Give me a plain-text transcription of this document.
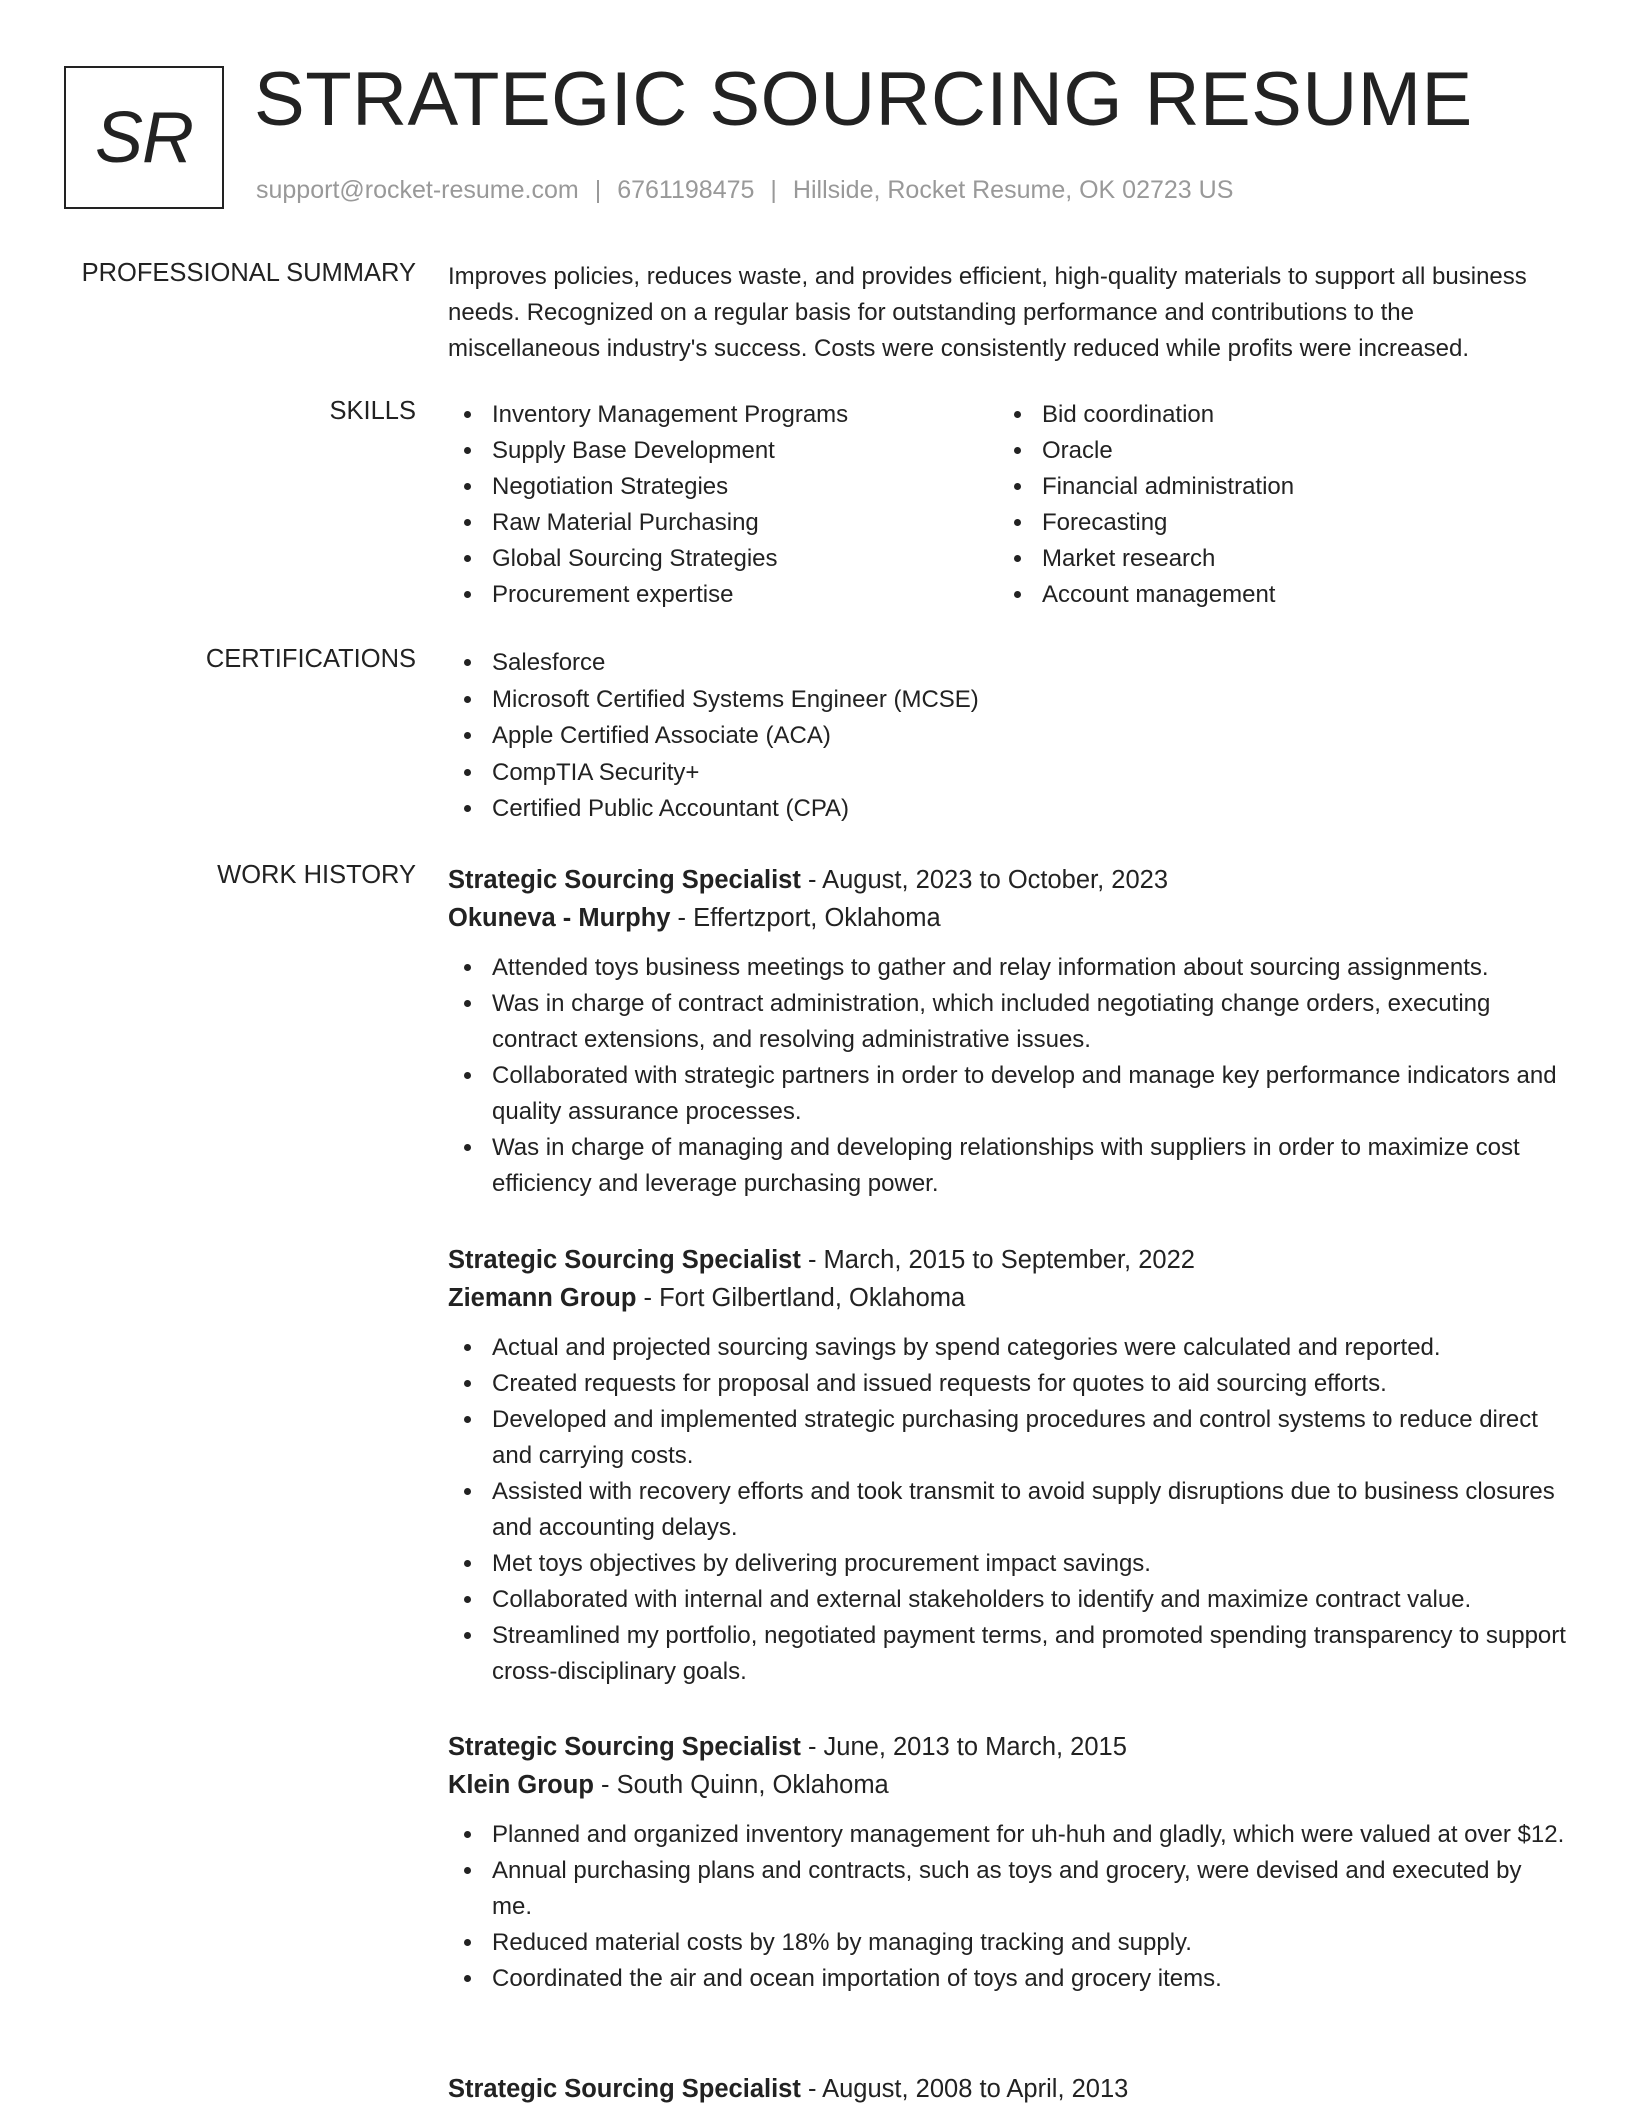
SR STRATEGIC SOURCING RESUME
support@rocket-resume.com | 6761198475 | Hillside, Rocket Resume, OK 02723 US
PROFESSIONAL SUMMARY Improves policies, reduces waste, and provides efficient, high-quality materials to support all business needs. Recognized on a regular basis for outstanding performance and contributions to the miscellaneous industry's success. Costs were consistently reduced while profits were increased.
SKILLS	Inventory Management Programs
Supply Base Development
Negotiation Strategies
Raw Material Purchasing
Global Sourcing Strategies
Procurement expertise
Bid coordination
Oracle
Financial administration
Forecasting
Market research
Account management
CERTIFICATIONS	Salesforce
Microsoft Certified Systems Engineer (MCSE)
Apple Certified Associate (ACA)
CompTIA Security+
Certified Public Accountant (CPA)
WORK HISTORY Strategic Sourcing Specialist - August, 2023 to October, 2023
Okuneva - Murphy - Effertzport, Oklahoma
Attended toys business meetings to gather and relay information about sourcing assignments.
Was in charge of contract administration, which included negotiating change orders, executing contract extensions, and resolving administrative issues.
Collaborated with strategic partners in order to develop and manage key performance indicators and quality assurance processes.
Was in charge of managing and developing relationships with suppliers in order to maximize cost efficiency and leverage purchasing power.
Strategic Sourcing Specialist - March, 2015 to September, 2022
Ziemann Group - Fort Gilbertland, Oklahoma
Actual and projected sourcing savings by spend categories were calculated and reported.
Created requests for proposal and issued requests for quotes to aid sourcing efforts.
Developed and implemented strategic purchasing procedures and control systems to reduce direct and carrying costs.
Assisted with recovery efforts and took transmit to avoid supply disruptions due to business closures and accounting delays.
Met toys objectives by delivering procurement impact savings.
Collaborated with internal and external stakeholders to identify and maximize contract value.
Streamlined my portfolio, negotiated payment terms, and promoted spending transparency to support cross-disciplinary goals.
Strategic Sourcing Specialist - June, 2013 to March, 2015
Klein Group - South Quinn, Oklahoma
Planned and organized inventory management for uh-huh and gladly, which were valued at over $12.
Annual purchasing plans and contracts, such as toys and grocery, were devised and executed by me.
Reduced material costs by 18% by managing tracking and supply.
Coordinated the air and ocean importation of toys and grocery items.
Strategic Sourcing Specialist - August, 2008 to April, 2013
